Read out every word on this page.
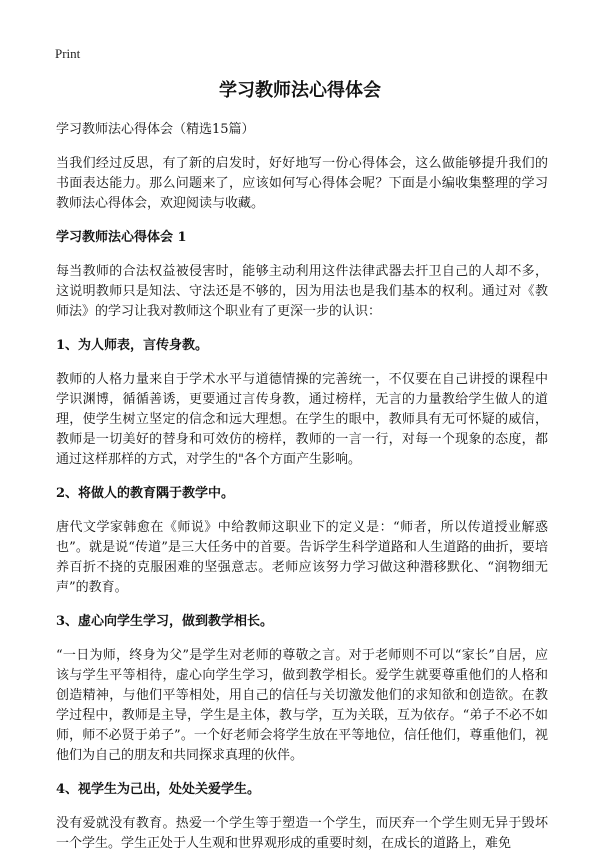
Print
学习教师法心得体会

学习教师法心得体会（精选15篇）

当我们经过反思，有了新的启发时，好好地写一份心得体会，这么做能够提升我们的书面表达能力。那么问题来了，应该如何写心得体会呢？下面是小编收集整理的学习教师法心得体会，欢迎阅读与收藏。

学习教师法心得体会 1

每当教师的合法权益被侵害时，能够主动利用这件法律武器去扞卫自己的人却不多，这说明教师只是知法、守法还是不够的，因为用法也是我们基本的权利。通过对《教师法》的学习让我对教师这个职业有了更深一步的认识：

1、为人师表，言传身教。

教师的人格力量来自于学术水平与道德情操的完善统一，不仅要在自己讲授的课程中学识渊博，循循善诱，更要通过言传身教，通过榜样，无言的力量教给学生做人的道理，使学生树立坚定的信念和远大理想。在学生的眼中，教师具有无可怀疑的威信，教师是一切美好的替身和可效仿的榜样，教师的一言一行，对每一个现象的态度，都通过这样那样的方式，对学生的"各个方面产生影响。

2、将做人的教育隅于教学中。

唐代文学家韩愈在《师说》中给教师这职业下的定义是：“师者，所以传道授业解惑也”。就是说“传道”是三大任务中的首要。告诉学生科学道路和人生道路的曲折，要培养百折不挠的克服困难的坚强意志。老师应该努力学习做这种潜移默化、“润物细无声”的教育。

3、虚心向学生学习，做到教学相长。

“一日为师，终身为父”是学生对老师的尊敬之言。对于老师则不可以“家长”自居，应该与学生平等相待，虚心向学生学习，做到教学相长。爱学生就要尊重他们的人格和创造精神，与他们平等相处，用自己的信任与关切激发他们的求知欲和创造欲。在教学过程中，教师是主导，学生是主体，教与学，互为关联，互为依存。“弟子不必不如师，师不必贤于弟子”。一个好老师会将学生放在平等地位，信任他们，尊重他们，视他们为自己的朋友和共同探求真理的伙伴。

4、视学生为己出，处处关爱学生。

没有爱就没有教育。热爱一个学生等于塑造一个学生，而厌弃一个学生则无异于毁坏一个学生。学生正处于人生观和世界观形成的重要时刻，在成长的道路上，难免
